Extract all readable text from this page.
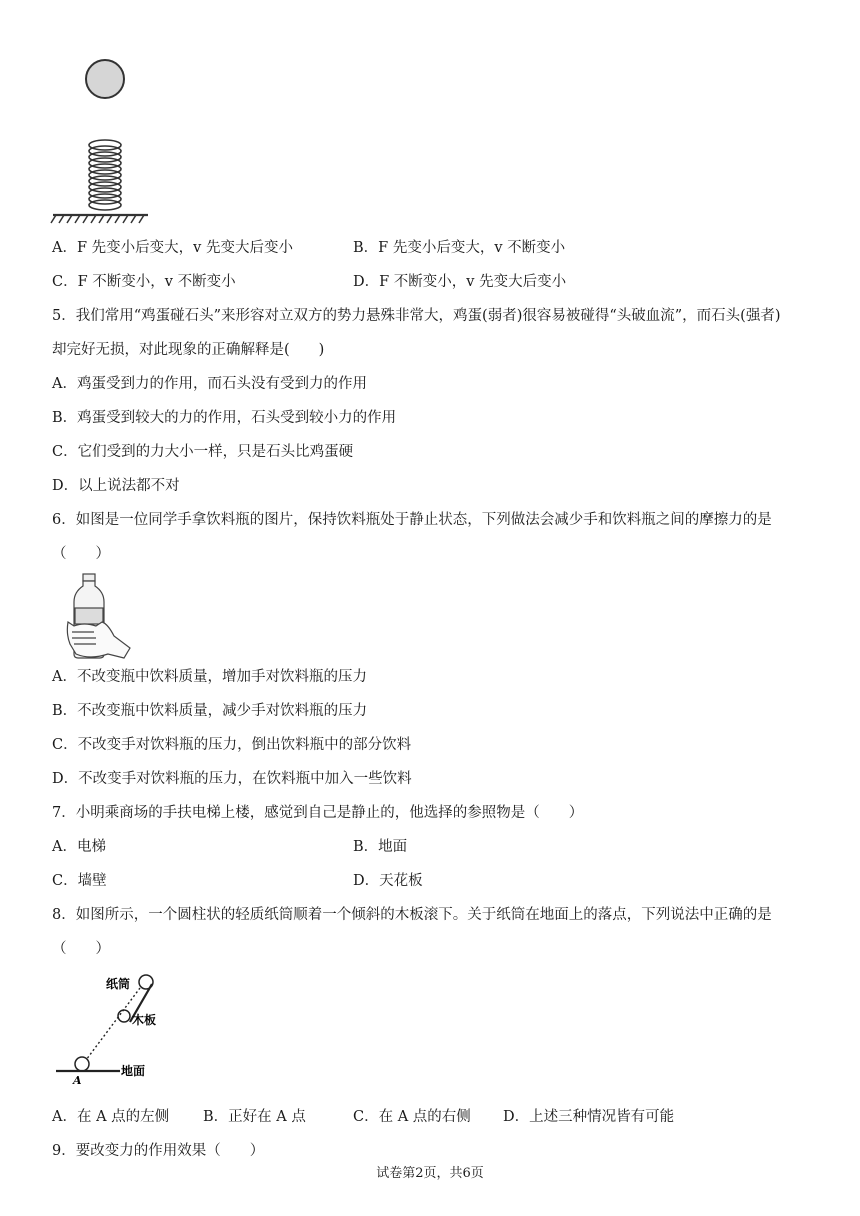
A．F 先变小后变大，v 先变大后变小	B．F 先变小后变大，v 不断变小
C．F 不断变小，v 不断变小	D．F 不断变小，v 先变大后变小
5．我们常用“鸡蛋碰石头”来形容对立双方的势力悬殊非常大，鸡蛋(弱者)很容易被碰得“头破血流”，而石头(强者)
却完好无损，对此现象的正确解释是(　　)
A．鸡蛋受到力的作用，而石头没有受到力的作用
B．鸡蛋受到较大的力的作用，石头受到较小力的作用
C．它们受到的力大小一样，只是石头比鸡蛋硬
D．以上说法都不对
6．如图是一位同学手拿饮料瓶的图片，保持饮料瓶处于静止状态，下列做法会减少手和饮料瓶之间的摩擦力的是
（　　）
A．不改变瓶中饮料质量，增加手对饮料瓶的压力
B．不改变瓶中饮料质量，减少手对饮料瓶的压力
C．不改变手对饮料瓶的压力，倒出饮料瓶中的部分饮料
D．不改变手对饮料瓶的压力，在饮料瓶中加入一些饮料
7．小明乘商场的手扶电梯上楼，感觉到自己是静止的，他选择的参照物是（　　）
A．电梯	B．地面
C．墙壁	D．天花板
8．如图所示，一个圆柱状的轻质纸筒顺着一个倾斜的木板滚下。关于纸筒在地面上的落点，下列说法中正确的是
（　　）
纸筒
木板
地面
A
A．在 A 点的左侧 B．正好在 A 点	C．在 A 点的右侧 D．上述三种情况皆有可能
9．要改变力的作用效果（　　）
试卷第2页，共6页
